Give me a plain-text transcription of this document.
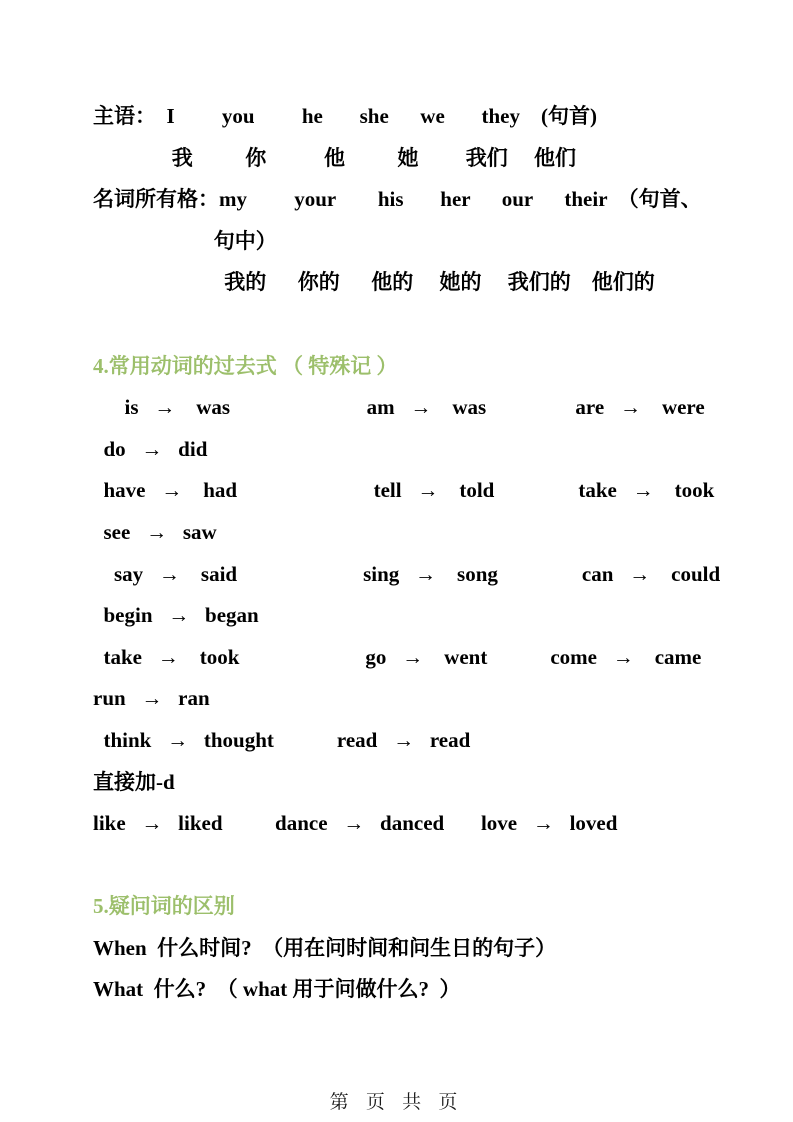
主语：  I         you         he       she      we       they    (句首)
我          你           他          她         我们     他们
名词所有格：my         your        his       her      our      their  （句首、
句中）
我的      你的      他的     她的     我们的    他们的
4.常用动词的过去式 （ 特殊记 ）
is   →    was                          am   →    was                 are   →    were
do   →   did
have   →    had                          tell   →    told                take   →    took
see   →   saw
say   →    said                        sing   →    song                can   →    could
begin   →   began
take   →    took                        go   →    went            come   →    came
run   →   ran
think   →   thought            read   →   read
直接加-d
like   →   liked          dance   →   danced       love   →   loved
5.疑问词的区别
When  什么时间?  （用在问时间和问生日的句子）
What  什么?  （ what 用于问做什么?  ）
第 页 共 页
